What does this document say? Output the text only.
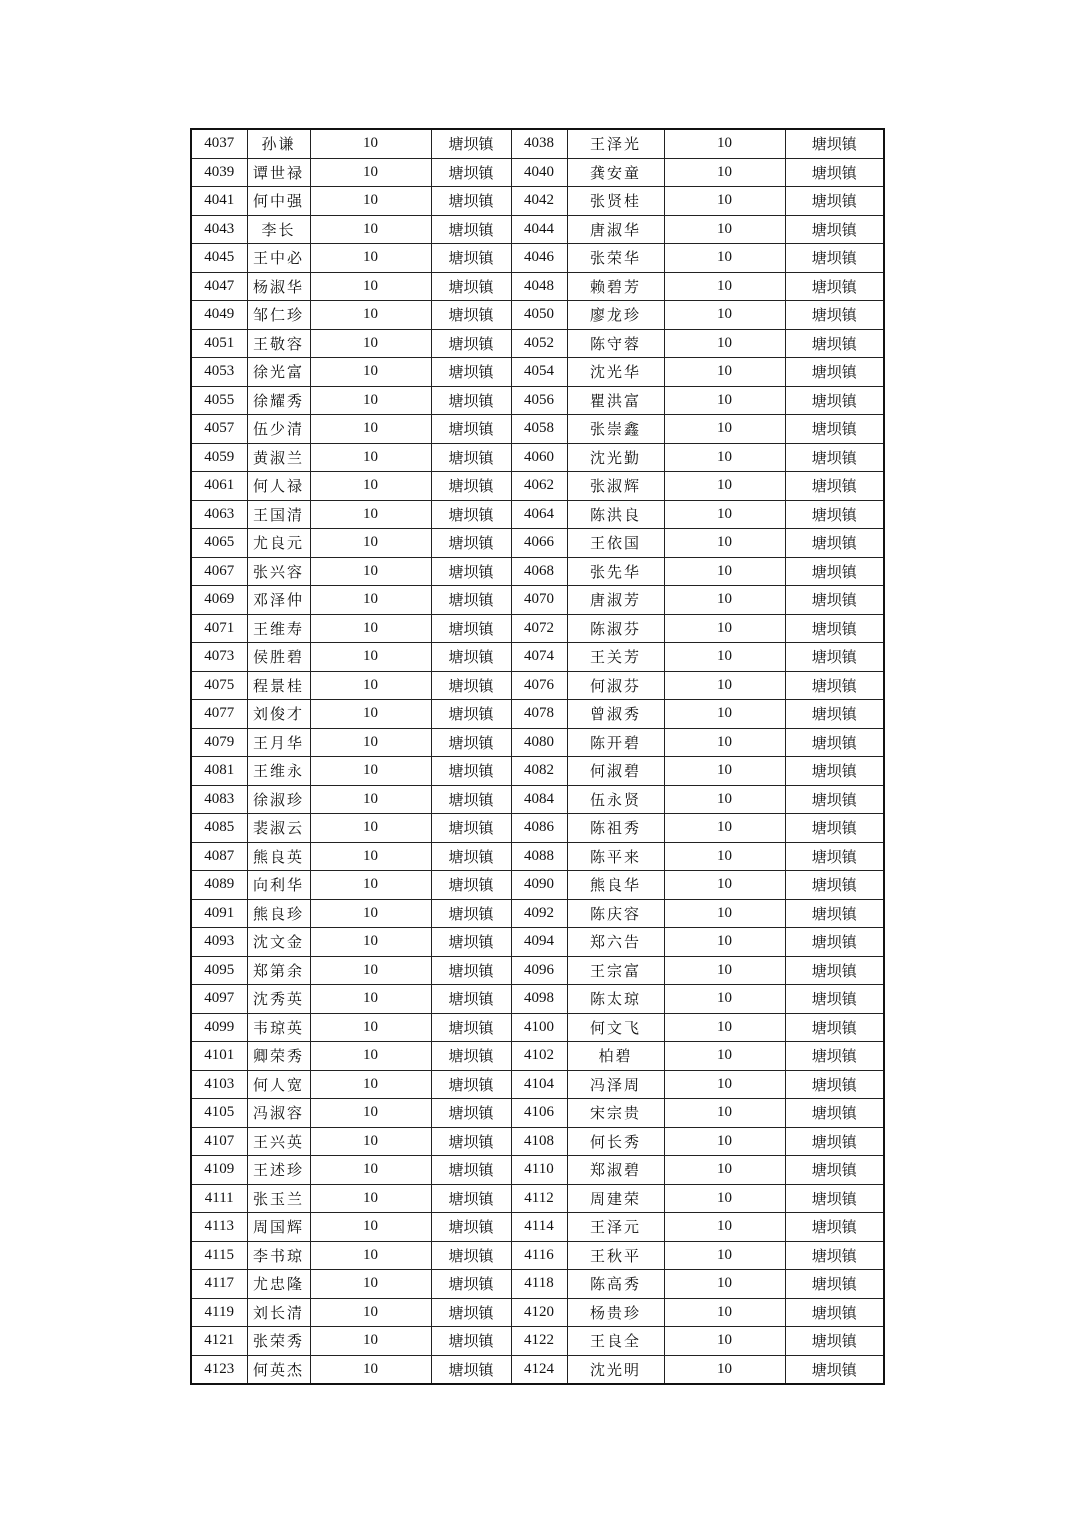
4037	孙谦	10	塘坝镇	4038	王泽光	10	塘坝镇
4039	谭世禄	10	塘坝镇	4040	龚安童	10	塘坝镇
4041	何中强	10	塘坝镇	4042	张贤桂	10	塘坝镇
4043	李长	10	塘坝镇	4044	唐淑华	10	塘坝镇
4045	王中必	10	塘坝镇	4046	张荣华	10	塘坝镇
4047	杨淑华	10	塘坝镇	4048	赖碧芳	10	塘坝镇
4049	邹仁珍	10	塘坝镇	4050	廖龙珍	10	塘坝镇
4051	王敬容	10	塘坝镇	4052	陈守蓉	10	塘坝镇
4053	徐光富	10	塘坝镇	4054	沈光华	10	塘坝镇
4055	徐耀秀	10	塘坝镇	4056	瞿洪富	10	塘坝镇
4057	伍少清	10	塘坝镇	4058	张崇鑫	10	塘坝镇
4059	黄淑兰	10	塘坝镇	4060	沈光勤	10	塘坝镇
4061	何人禄	10	塘坝镇	4062	张淑辉	10	塘坝镇
4063	王国清	10	塘坝镇	4064	陈洪良	10	塘坝镇
4065	尤良元	10	塘坝镇	4066	王依国	10	塘坝镇
4067	张兴容	10	塘坝镇	4068	张先华	10	塘坝镇
4069	邓泽仲	10	塘坝镇	4070	唐淑芳	10	塘坝镇
4071	王维寿	10	塘坝镇	4072	陈淑芬	10	塘坝镇
4073	侯胜碧	10	塘坝镇	4074	王关芳	10	塘坝镇
4075	程景桂	10	塘坝镇	4076	何淑芬	10	塘坝镇
4077	刘俊才	10	塘坝镇	4078	曾淑秀	10	塘坝镇
4079	王月华	10	塘坝镇	4080	陈开碧	10	塘坝镇
4081	王维永	10	塘坝镇	4082	何淑碧	10	塘坝镇
4083	徐淑珍	10	塘坝镇	4084	伍永贤	10	塘坝镇
4085	裴淑云	10	塘坝镇	4086	陈祖秀	10	塘坝镇
4087	熊良英	10	塘坝镇	4088	陈平来	10	塘坝镇
4089	向利华	10	塘坝镇	4090	熊良华	10	塘坝镇
4091	熊良珍	10	塘坝镇	4092	陈庆容	10	塘坝镇
4093	沈文金	10	塘坝镇	4094	郑六告	10	塘坝镇
4095	郑第余	10	塘坝镇	4096	王宗富	10	塘坝镇
4097	沈秀英	10	塘坝镇	4098	陈太琼	10	塘坝镇
4099	韦琼英	10	塘坝镇	4100	何文飞	10	塘坝镇
4101	卿荣秀	10	塘坝镇	4102	柏碧	10	塘坝镇
4103	何人宽	10	塘坝镇	4104	冯泽周	10	塘坝镇
4105	冯淑容	10	塘坝镇	4106	宋宗贵	10	塘坝镇
4107	王兴英	10	塘坝镇	4108	何长秀	10	塘坝镇
4109	王述珍	10	塘坝镇	4110	郑淑碧	10	塘坝镇
4111	张玉兰	10	塘坝镇	4112	周建荣	10	塘坝镇
4113	周国辉	10	塘坝镇	4114	王泽元	10	塘坝镇
4115	李书琼	10	塘坝镇	4116	王秋平	10	塘坝镇
4117	尤忠隆	10	塘坝镇	4118	陈高秀	10	塘坝镇
4119	刘长清	10	塘坝镇	4120	杨贵珍	10	塘坝镇
4121	张荣秀	10	塘坝镇	4122	王良全	10	塘坝镇
4123	何英杰	10	塘坝镇	4124	沈光明	10	塘坝镇
